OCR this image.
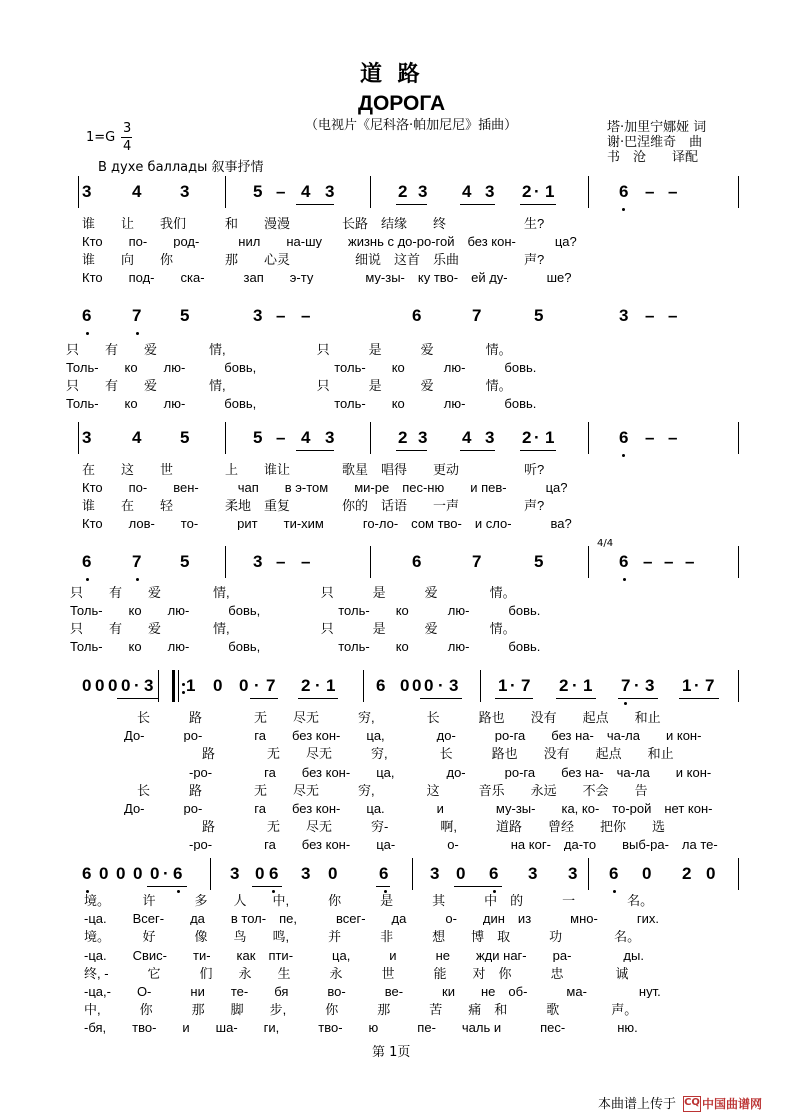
道 路
ДОРОГА
（电视片《尼科洛·帕加尼尼》插曲）	塔·加里宁娜娅 词
谢·巴涅维奇　曲
书　沧　　译配
1=G
3
4
В духе баллады 叙事抒情
3 4 3	5 – 4 3	2 3 4 3 2 · 1	6 – –
谁　　让　　我们　　　和　　漫漫　　　　长路　结缘　　终　　　　　　生?
Кто　　по-　　род-　　　нил　　на-шу　　жизнь с до-ро-гой　без кон-　　　ца?
谁　　向　　你　　　　那　　心灵　　　　　细说　这首　乐曲　　　　　声?
Кто　　под-　　ска-　　　зап　　э-ту　　　　му-зы-　ку тво-　ей ду-　　　ше?
6 7 5	3 – –	6	7	5	3 – –
只　　有　　爱　　　　情,　　　　　　　只　　　是　　　爱　　　　情。
Толь-　　ко　　лю-　　　бовь,　　　　　　толь-　　ко　　　лю-　　　бовь.
只　　有　　爱　　　　情,　　　　　　　只　　　是　　　爱　　　　情。
Толь-　　ко　　лю-　　　бовь,　　　　　　толь-　　ко　　　лю-　　　бовь.
3 4 5	5 – 4 3	2 3 4 3 2 · 1	6 – –
在　　这　　世　　　　上　　谁让　　　　歌星　唱得　　更动　　　　　听?
Кто　　по-　　вен-　　　чап　　в э-том　　ми-ре　пес-ню　　и пев-　　　ца?
谁　　在　　轻　　　　柔地　重复　　　　你的　话语　　一声　　　　　声?
Кто　　лов-　　то-　　　рит　　ти-хим　　　го-ло-　сом тво-　и сло-　　　ва?
6 7 5	3 – –	6	7	5	6 – – –
4/4
只　　有　　爱　　　　情,　　　　　　　只　　　是　　　爱　　　　情。
Толь-　　ко　　лю-　　　бовь,　　　　　　толь-　　ко　　　лю-　　　бовь.
只　　有　　爱　　　　情,　　　　　　　只　　　是　　　爱　　　　情。
Толь-　　ко　　лю-　　　бовь,　　　　　　толь-　　ко　　　лю-　　　бовь.
0 0 0 0 · 3 1 0 0 · 7 2 · 1 6 0 0 0 · 3 1 · 7 2 · 1 7 · 3 1 · 7
　　　长　　　路　　　　无　　尽无　　　穷,　　　　长　　　路也　　没有　　起点　　和止
　　До-　　　ро-　　　　га　　без кон-　　ца,　　　　до-　　　ро-га　　без на-　ча-ла　　и кон-
　　　　　　　　路　　　　无　　尽无　　　穷,　　　　长　　　路也　　没有　　起点　　和止
　　　　　　　-ро-　　　　га　　без кон-　　ца,　　　　до-　　　ро-га　　без на-　ча-ла　　и кон-
　　　长　　　路　　　　无　　尽无　　　穷,　　　　这　　　音乐　　永远　　不会　　告
　　До-　　　ро-　　　　га　　без кон-　　ца.　　　　и　　　　му-зы-　　ка, ко-　то-рой　нет кон-
　　　　　　　　路　　　　无　　尽无　　　穷-　　　　啊,　　　道路　　曾经　　把你　　选
　　　　　　　-ро-　　　　га　　без кон-　　ца-　　　　о-　　　　на ког-　да-то　　выб-ра-　ла те-
6 0 0 0 0 · 6	3 0 6 3 0 6 3 0 6 3 3 6 0 2 0
境。　　　许　　　多　　人　　中,　　　你　　　是　　　其　　　中　的　　　一　　　　名。
-ца.　　Всег-　　да　　в тол-　пе,　　　всег-　　да　　　о-　　дин　из　　　мно-　　　гих.
境。　　　好　　　像　　鸟　　鸣,　　　并　　　非　　　想　　博　取　　　功　　　　名。
-ца.　　Свис-　　ти-　　как　пти-　　　ца,　　　и　　　не　　жди наг-　　ра-　　　　ды.
终, -　　　它　　　们　　永　　生　　　永　　　世　　　能　　对　你　　　忠　　　　诚
-ца,-　　О-　　　ни　　те-　　бя　　　во-　　　ве-　　　ки　　не　об-　　　ма-　　　　нут.
中,　　　你　　　那　　脚　　步,　　　你　　　那　　　苦　　痛　和　　　歌　　　　声。
-бя,　　тво-　　и　　ша-　　ги,　　　тво-　　ю　　　пе-　　чаль и　　　пес-　　　　ню.
第 1页
本曲谱上传于 CQ 中国曲谱网
